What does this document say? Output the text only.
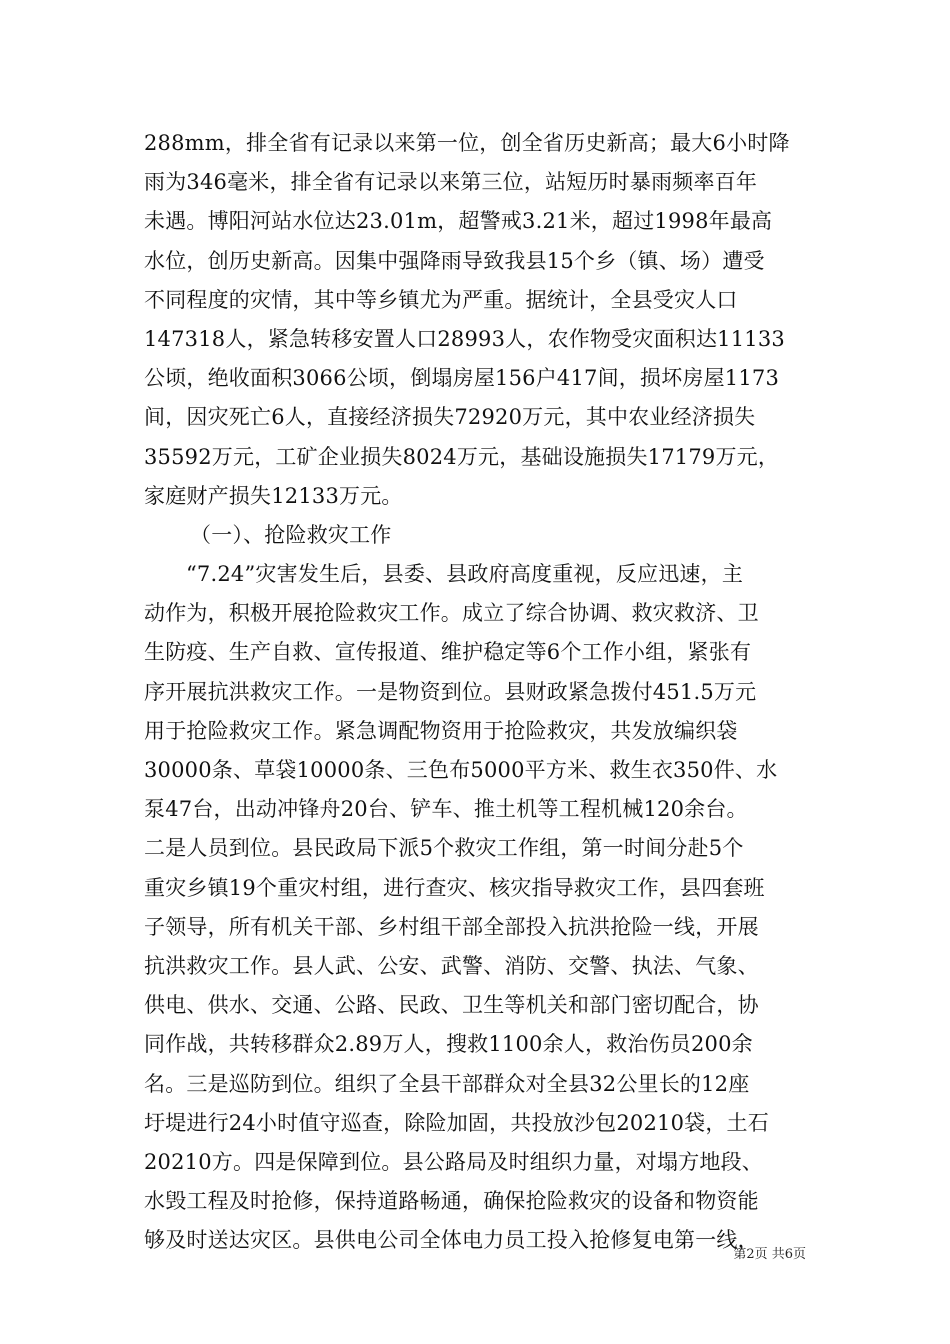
288mm，排全省有记录以来第一位，创全省历史新高；最大6小时降
雨为346毫米，排全省有记录以来第三位，站短历时暴雨频率百年
未遇。博阳河站水位达23.01m，超警戒3.21米，超过1998年最高
水位，创历史新高。因集中强降雨导致我县15个乡（镇、场）遭受
不同程度的灾情，其中等乡镇尤为严重。据统计，全县受灾人口
147318人，紧急转移安置人口28993人，农作物受灾面积达11133
公顷，绝收面积3066公顷，倒塌房屋156户417间，损坏房屋1173
间，因灾死亡6人，直接经济损失72920万元，其中农业经济损失
35592万元，工矿企业损失8024万元，基础设施损失17179万元，
家庭财产损失12133万元。
（一）、抢险救灾工作
“7.24”灾害发生后，县委、县政府高度重视，反应迅速，主
动作为，积极开展抢险救灾工作。成立了综合协调、救灾救济、卫
生防疫、生产自救、宣传报道、维护稳定等6个工作小组，紧张有
序开展抗洪救灾工作。一是物资到位。县财政紧急拨付451.5万元
用于抢险救灾工作。紧急调配物资用于抢险救灾，共发放编织袋
30000条、草袋10000条、三色布5000平方米、救生衣350件、水
泵47台，出动冲锋舟20台、铲车、推土机等工程机械120余台。
二是人员到位。县民政局下派5个救灾工作组，第一时间分赴5个
重灾乡镇19个重灾村组，进行查灾、核灾指导救灾工作，县四套班
子领导，所有机关干部、乡村组干部全部投入抗洪抢险一线，开展
抗洪救灾工作。县人武、公安、武警、消防、交警、执法、气象、
供电、供水、交通、公路、民政、卫生等机关和部门密切配合，协
同作战，共转移群众2.89万人，搜救1100余人，救治伤员200余
名。三是巡防到位。组织了全县干部群众对全县32公里长的12座
圩堤进行24小时值守巡查，除险加固，共投放沙包20210袋，土石
20210方。四是保障到位。县公路局及时组织力量，对塌方地段、
水毁工程及时抢修，保持道路畅通，确保抢险救灾的设备和物资能
够及时送达灾区。县供电公司全体电力员工投入抢修复电第一线，
第2页 共6页
